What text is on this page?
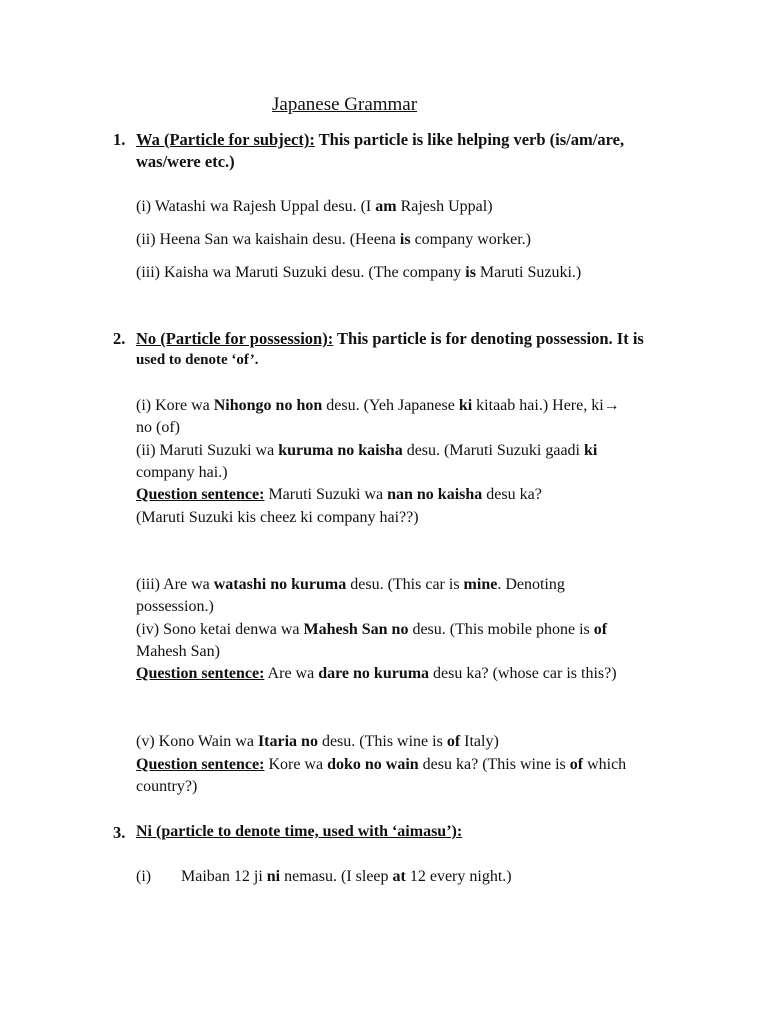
Japanese Grammar
1. Wa (Particle for subject): This particle is like helping verb (is/am/are,
was/were etc.)
(i) Watashi wa Rajesh Uppal desu. (I am Rajesh Uppal)
(ii) Heena San wa kaishain desu. (Heena is company worker.)
(iii) Kaisha wa Maruti Suzuki desu. (The company is Maruti Suzuki.)
2. No (Particle for possession): This particle is for denoting possession. It is
used to denote ‘of’.
(i) Kore wa Nihongo no hon desu. (Yeh Japanese ki kitaab hai.) Here, ki→
no (of)
(ii) Maruti Suzuki wa kuruma no kaisha desu. (Maruti Suzuki gaadi ki
company hai.)
Question sentence: Maruti Suzuki wa nan no kaisha desu ka?
(Maruti Suzuki kis cheez ki company hai??)
(iii) Are wa watashi no kuruma desu. (This car is mine. Denoting
possession.)
(iv) Sono ketai denwa wa Mahesh San no desu. (This mobile phone is of
Mahesh San)
Question sentence: Are wa dare no kuruma desu ka? (whose car is this?)
(v) Kono Wain wa Itaria no desu. (This wine is of Italy)
Question sentence: Kore wa doko no wain desu ka? (This wine is of which
country?)
3. Ni (particle to denote time, used with ‘aimasu’):
(i) Maiban 12 ji ni nemasu. (I sleep at 12 every night.)
